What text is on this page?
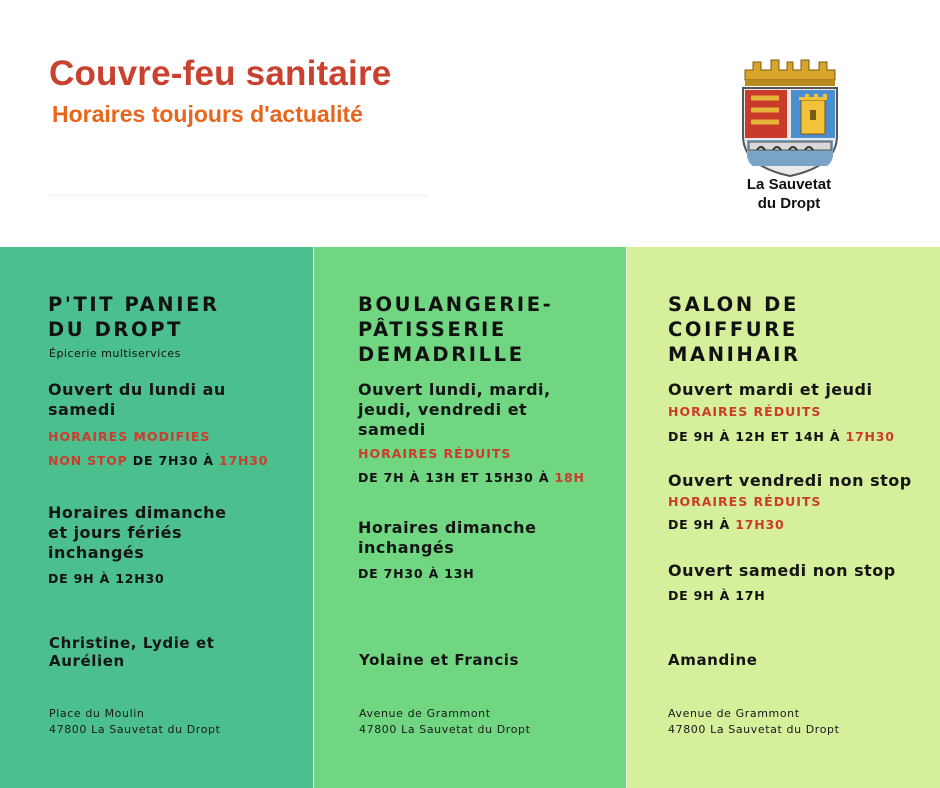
Couvre-feu sanitaire
Horaires toujours d'actualité
La Sauvetat
du Dropt
P'TIT PANIER
DU DROPT
Épicerie multiservices
Ouvert du lundi au
samedi
HORAIRES MODIFIES
NON STOP DE 7H30 À 17H30
Horaires dimanche
et jours fériés
inchangés
DE 9H À 12H30
Christine, Lydie et
Aurélien
Place du Moulin
47800 La Sauvetat du Dropt
BOULANGERIE-
PÂTISSERIE
DEMADRILLE
Ouvert lundi, mardi,
jeudi, vendredi et
samedi
HORAIRES RÉDUITS
DE 7H À 13H ET 15H30 À 18H
Horaires dimanche
inchangés
DE 7H30 À 13H
Yolaine et Francis
Avenue de Grammont
47800 La Sauvetat du Dropt
SALON DE
COIFFURE
MANIHAIR
Ouvert mardi et jeudi
HORAIRES RÉDUITS
DE 9H À 12H ET 14H À 17H30
Ouvert vendredi non stop
HORAIRES RÉDUITS
DE 9H À 17H30
Ouvert samedi non stop
DE 9H À 17H
Amandine
Avenue de Grammont
47800 La Sauvetat du Dropt
